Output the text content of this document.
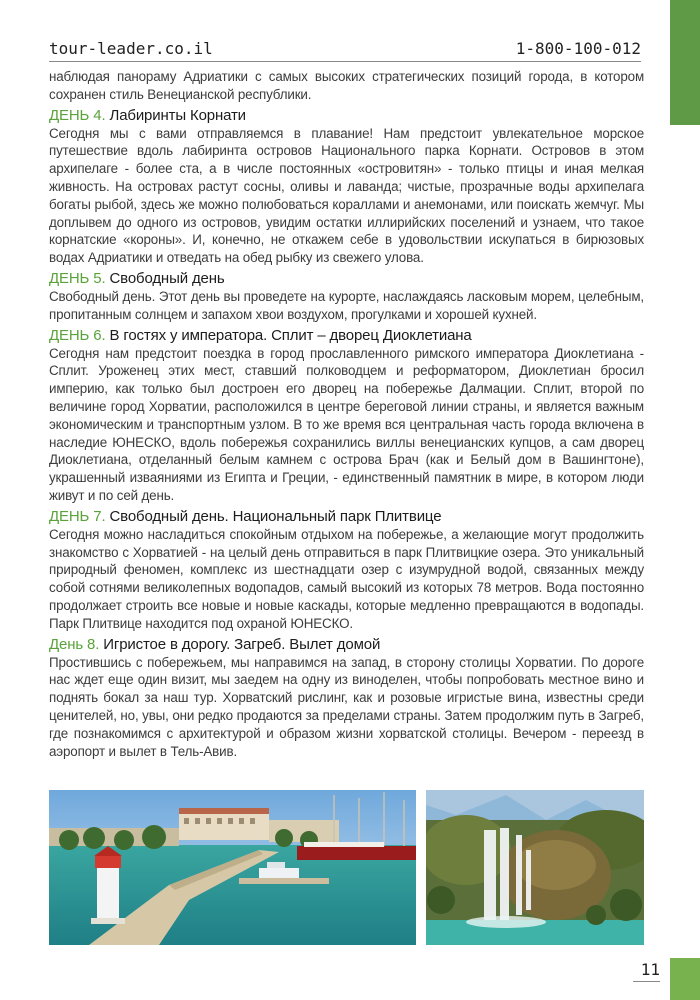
tour-leader.co.il	1-800-100-012

наблюдая панораму Адриатики с самых высоких стратегических позиций города, в котором сохранен стиль Венецианской республики.

ДЕНЬ 4. Лабиринты Корнати

Сегодня мы с вами отправляемся в плавание! Нам предстоит увлекательное морское путешествие вдоль лабиринта островов Национального парка Корнати. Островов в этом архипелаге - более ста, а в числе постоянных «островитян» - только птицы и иная мелкая живность. На островах растут сосны, оливы и лаванда; чистые, прозрачные воды архипелага богаты рыбой, здесь же можно полюбоваться кораллами и анемонами, или поискать жемчуг. Мы доплывем до одного из островов, увидим остатки иллирийских поселений и узнаем, что такое корнатские «короны». И, конечно, не откажем себе в удовольствии искупаться в бирюзовых водах Адриатики и отведать на обед рыбку из свежего улова.

ДЕНЬ 5. Свободный день

Свободный день. Этот день вы проведете на курорте, наслаждаясь ласковым морем, целебным, пропитанным солнцем и запахом хвои воздухом, прогулками и хорошей кухней.

ДЕНЬ 6. В гостях у императора. Сплит – дворец Диоклетиана

Сегодня нам предстоит поездка в город прославленного римского императора Диоклетиана - Сплит. Уроженец этих мест, ставший полководцем и реформатором, Диоклетиан бросил империю, как только был достроен его дворец на побережье Далмации. Сплит, второй по величине город Хорватии, расположился в центре береговой линии страны, и является важным экономическим и транспортным узлом. В то же время вся центральная часть города включена в наследие ЮНЕСКО, вдоль побережья сохранились виллы венецианских купцов, а сам дворец Диоклетиана, отделанный белым камнем с острова Брач (как и Белый дом в Вашингтоне), украшенный изваяниями из Египта и Греции, - единственный памятник в мире, в котором люди живут и по сей день.

ДЕНЬ 7. Свободный день. Национальный парк Плитвице

Сегодня можно насладиться спокойным отдыхом на побережье, а желающие могут продолжить знакомство с Хорватией - на целый день отправиться в парк Плитвицкие озера. Это уникальный природный феномен, комплекс из шестнадцати озер с изумрудной водой, связанных между собой сотнями великолепных водопадов, самый высокий из которых 78 метров. Вода постоянно продолжает строить все новые и новые каскады, которые медленно превращаются в водопады. Парк Плитвице находится под охраной ЮНЕСКО.

День 8. Игристое в дорогу. Загреб. Вылет домой

Простившись с побережьем, мы направимся на запад, в сторону столицы Хорватии. По дороге нас ждет еще один визит, мы заедем на одну из виноделен, чтобы попробовать местное вино и поднять бокал за наш тур. Хорватский рислинг, как и розовые игристые вина, известны среди ценителей, но, увы, они редко продаются за пределами страны. Затем продолжим путь в Загреб, где познакомимся с архитектурой и образом жизни хорватской столицы. Вечером - переезд в аэропорт и вылет в Тель-Авив.

11
